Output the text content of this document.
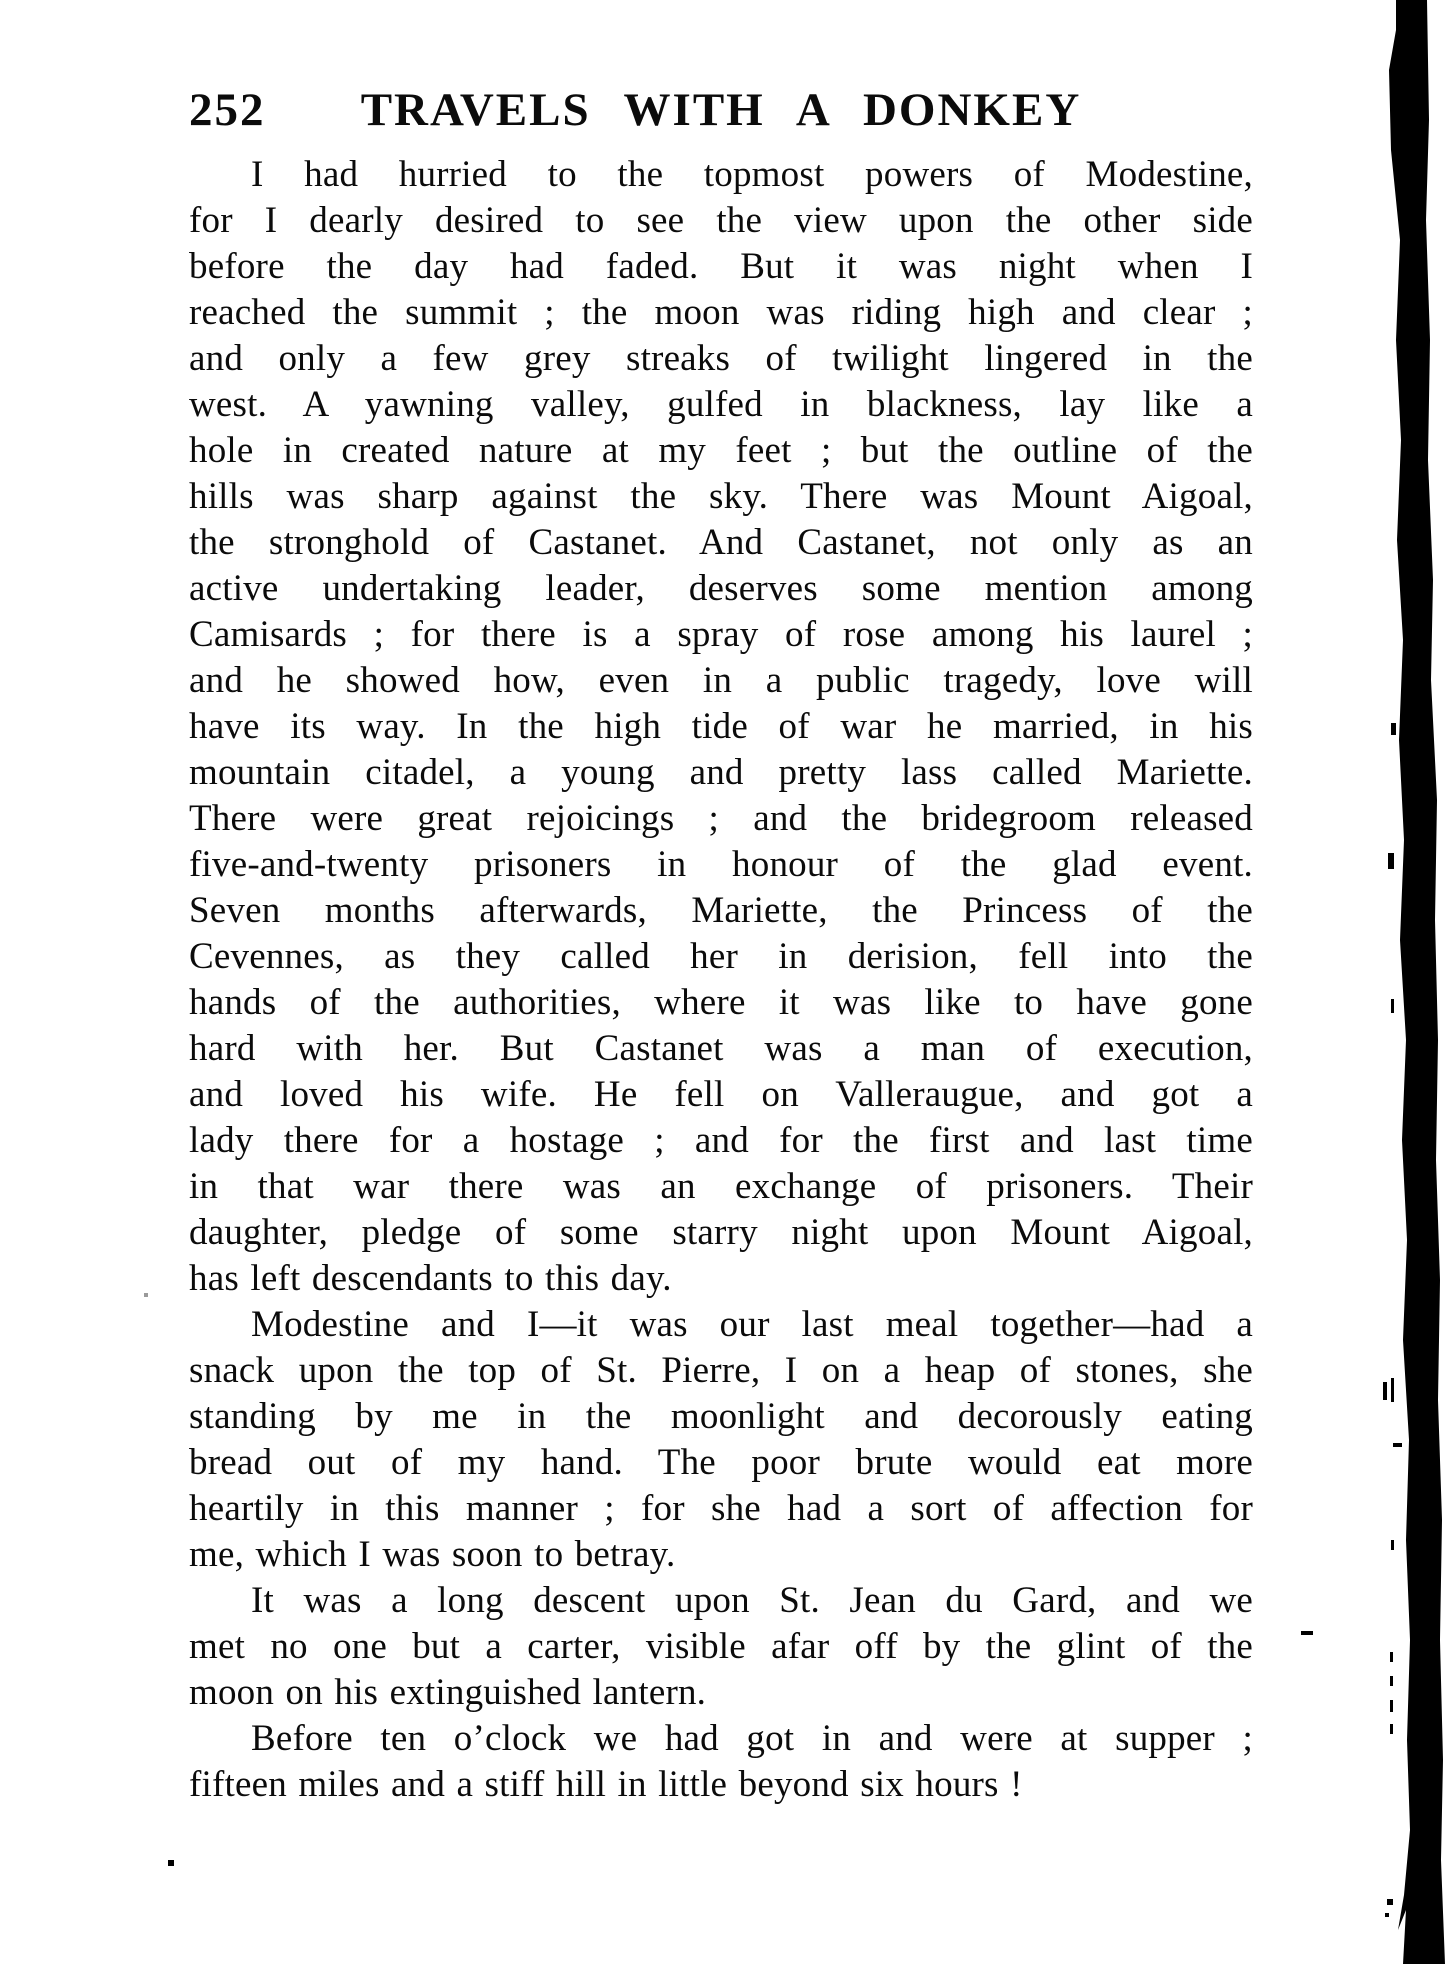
252	TRAVELS WITH A DONKEY
I had hurried to the topmost powers of Modestine,
for I dearly desired to see the view upon the other side
before the day had faded. But it was night when I
reached the summit ; the moon was riding high and clear ;
and only a few grey streaks of twilight lingered in the
west. A yawning valley, gulfed in blackness, lay like a
hole in created nature at my feet ; but the outline of the
hills was sharp against the sky. There was Mount Aigoal,
the stronghold of Castanet. And Castanet, not only as an
active undertaking leader, deserves some mention among
Camisards ; for there is a spray of rose among his laurel ;
and he showed how, even in a public tragedy, love will
have its way. In the high tide of war he married, in his
mountain citadel, a young and pretty lass called Mariette.
There were great rejoicings ; and the bridegroom released
five-and-twenty prisoners in honour of the glad event.
Seven months afterwards, Mariette, the Princess of the
Cevennes, as they called her in derision, fell into the
hands of the authorities, where it was like to have gone
hard with her. But Castanet was a man of execution,
and loved his wife. He fell on Valleraugue, and got a
lady there for a hostage ; and for the first and last time
in that war there was an exchange of prisoners. Their
daughter, pledge of some starry night upon Mount Aigoal,
has left descendants to this day.
Modestine and I—it was our last meal together—had a
snack upon the top of St. Pierre, I on a heap of stones, she
standing by me in the moonlight and decorously eating
bread out of my hand. The poor brute would eat more
heartily in this manner ; for she had a sort of affection for
me, which I was soon to betray.
It was a long descent upon St. Jean du Gard, and we
met no one but a carter, visible afar off by the glint of the
moon on his extinguished lantern.
Before ten o’clock we had got in and were at supper ;
fifteen miles and a stiff hill in little beyond six hours !
